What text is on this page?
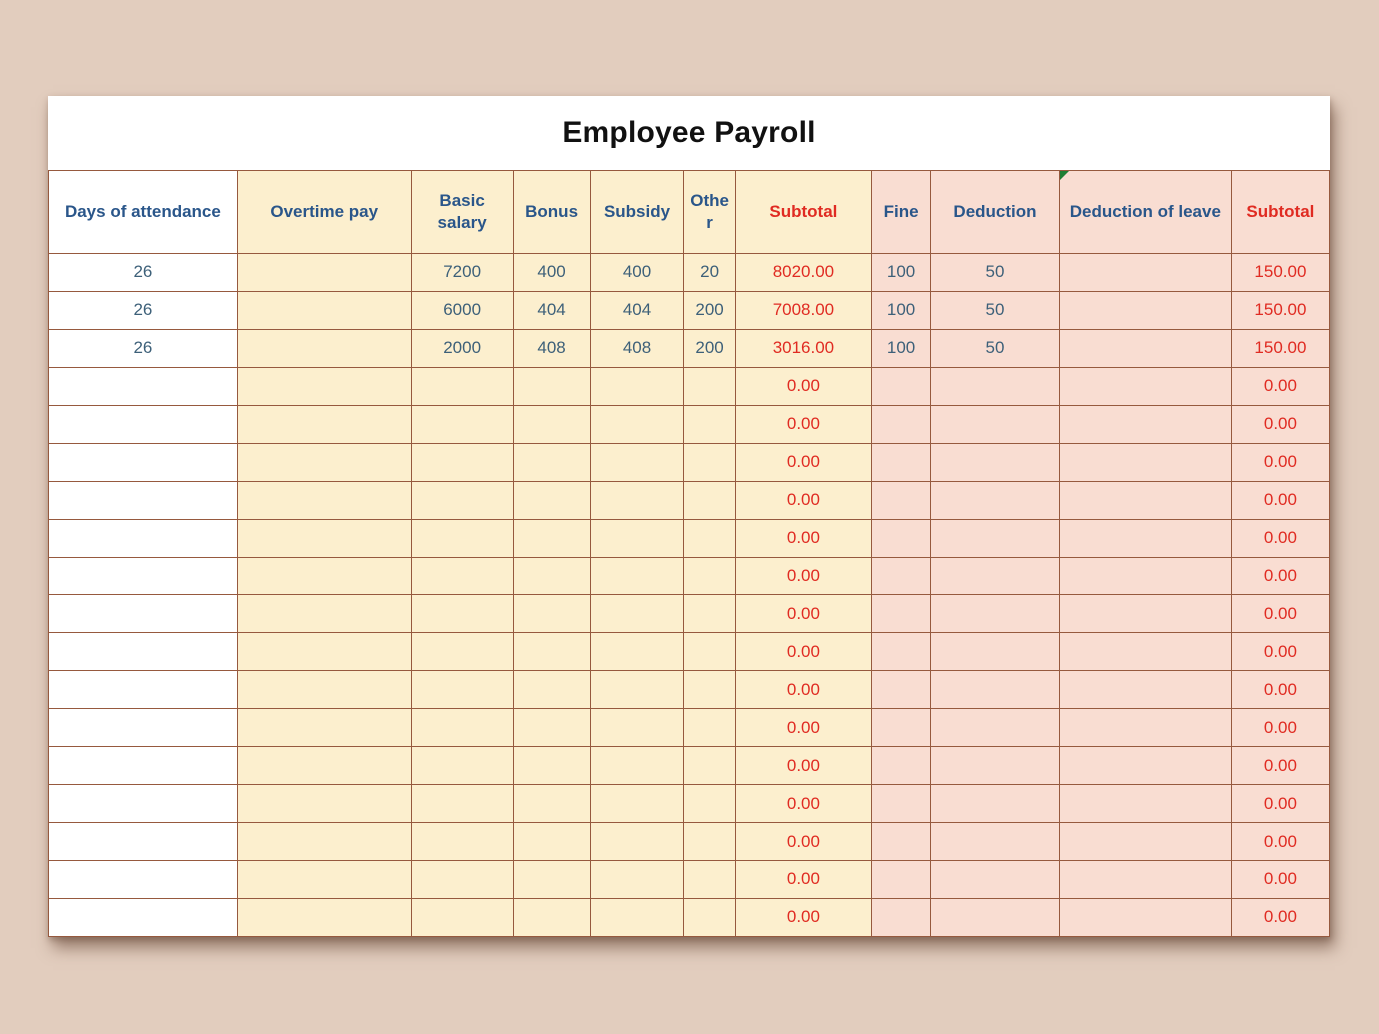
Employee Payroll
Days of attendance	Overtime pay	Basic salary	Bonus	Subsidy	Other	Subtotal	Fine	Deduction	Deduction of leave	Subtotal
26		7200	400	400	20	8020.00	100	50		150.00
26		6000	404	404	200	7008.00	100	50		150.00
26		2000	408	408	200	3016.00	100	50		150.00
						0.00				0.00
						0.00				0.00
						0.00				0.00
						0.00				0.00
						0.00				0.00
						0.00				0.00
						0.00				0.00
						0.00				0.00
						0.00				0.00
						0.00				0.00
						0.00				0.00
						0.00				0.00
						0.00				0.00
						0.00				0.00
						0.00				0.00
